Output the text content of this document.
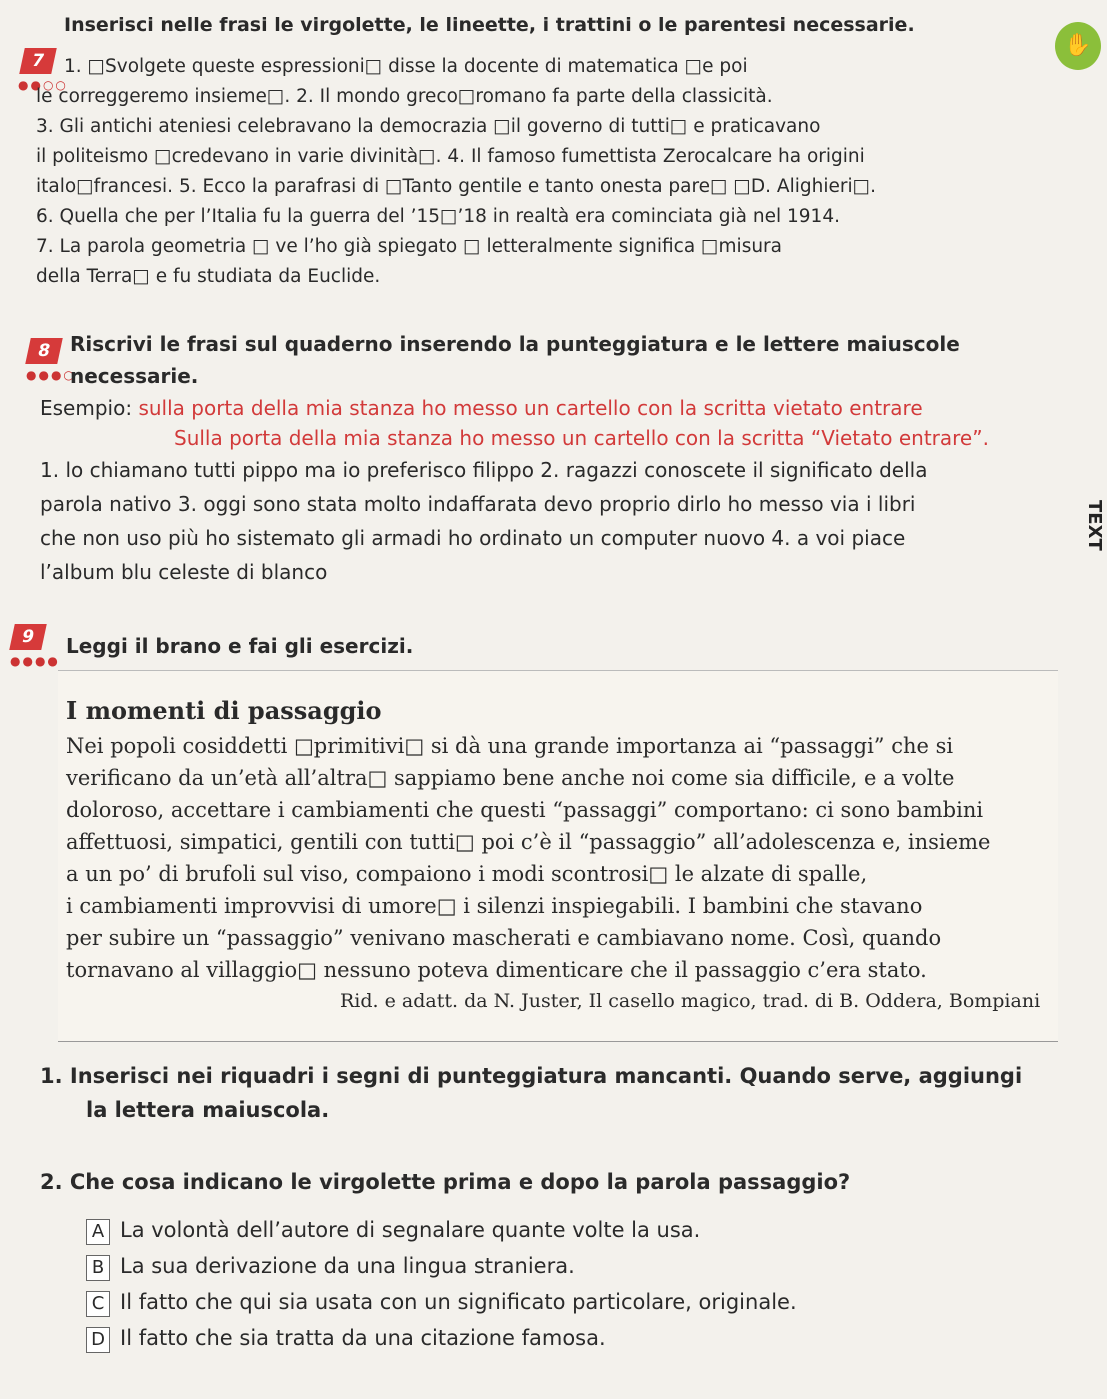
✋
TEXT
7
●●○○
Inserisci nelle frasi le virgolette, le lineette, i trattini o le parentesi necessarie.
1. □Svolgete queste espressioni□ disse la docente di matematica □e poi
le correggeremo insieme□. 2. Il mondo greco□romano fa parte della classicità.
3. Gli antichi ateniesi celebravano la democrazia □il governo di tutti□ e praticavano
il politeismo □credevano in varie divinità□. 4. Il famoso fumettista Zerocalcare ha origini
italo□francesi. 5. Ecco la parafrasi di □Tanto gentile e tanto onesta pare□ □D. Alighieri□.
6. Quella che per l’Italia fu la guerra del ’15□’18 in realtà era cominciata già nel 1914.
7. La parola geometria □ ve l’ho già spiegato □ letteralmente significa □misura
della Terra□ e fu studiata da Euclide.
8
●●●○
Riscrivi le frasi sul quaderno inserendo la punteggiatura e le lettere maiuscole
necessarie.
Esempio: sulla porta della mia stanza ho messo un cartello con la scritta vietato entrare
Sulla porta della mia stanza ho messo un cartello con la scritta “Vietato entrare”.
1. lo chiamano tutti pippo ma io preferisco filippo 2. ragazzi conoscete il significato della
parola nativo 3. oggi sono stata molto indaffarata devo proprio dirlo ho messo via i libri
che non uso più ho sistemato gli armadi ho ordinato un computer nuovo 4. a voi piace
l’album blu celeste di blanco
9
●●●●
Leggi il brano e fai gli esercizi.
I momenti di passaggio
Nei popoli cosiddetti □primitivi□ si dà una grande importanza ai “passaggi” che si
verificano da un’età all’altra□ sappiamo bene anche noi come sia difficile, e a volte
doloroso, accettare i cambiamenti che questi “passaggi” comportano: ci sono bambini
affettuosi, simpatici, gentili con tutti□ poi c’è il “passaggio” all’adolescenza e, insieme
a un po’ di brufoli sul viso, compaiono i modi scontrosi□ le alzate di spalle,
i cambiamenti improvvisi di umore□ i silenzi inspiegabili. I bambini che stavano
per subire un “passaggio” venivano mascherati e cambiavano nome. Così, quando
tornavano al villaggio□ nessuno poteva dimenticare che il passaggio c’era stato.
Rid. e adatt. da N. Juster, Il casello magico, trad. di B. Oddera, Bompiani
1. Inserisci nei riquadri i segni di punteggiatura mancanti. Quando serve, aggiungi
la lettera maiuscola.
2. Che cosa indicano le virgolette prima e dopo la parola passaggio?
A La volontà dell’autore di segnalare quante volte la usa.
B La sua derivazione da una lingua straniera.
C Il fatto che qui sia usata con un significato particolare, originale.
D Il fatto che sia tratta da una citazione famosa.
